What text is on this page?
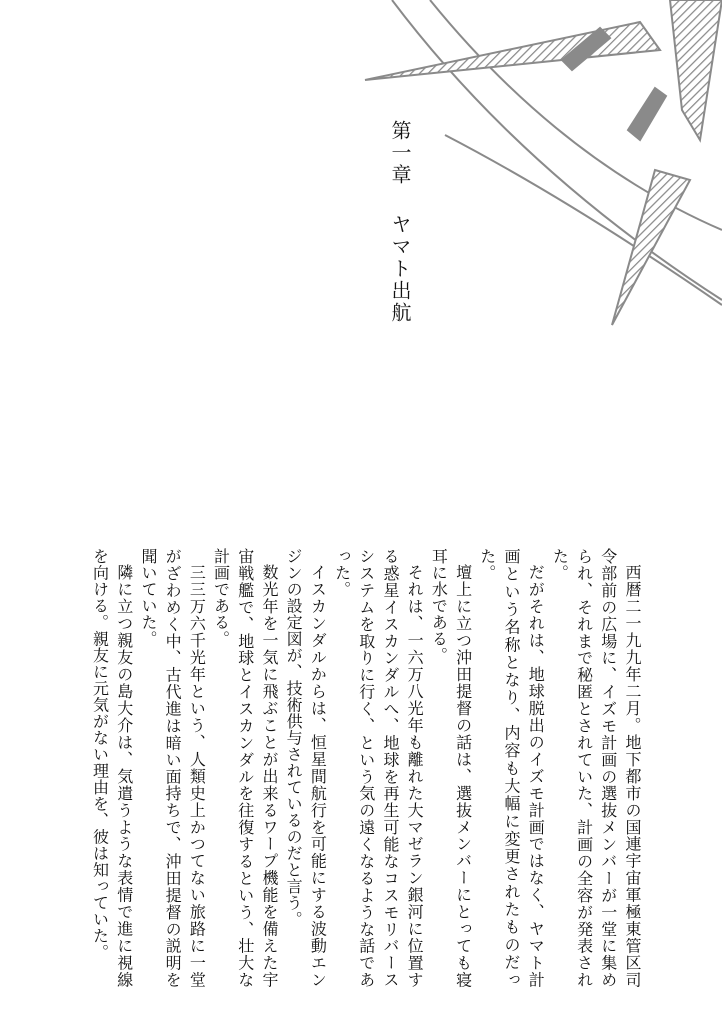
第一章ヤマト出航

西暦二一九九年二月。地下都市の国連宇宙軍極東管区司令部前の広場に、イズモ計画の選抜メンバーが一堂に集められ、それまで秘匿とされていた、計画の全容が発表された。

だがそれは、地球脱出のイズモ計画ではなく、ヤマト計画という名称となり、内容も大幅に変更されたものだった。

壇上に立つ沖田提督の話は、選抜メンバーにとっても寝耳に水である。

それは、一六万八光年も離れた大マゼラン銀河に位置する惑星イスカンダルへ、地球を再生可能なコスモリバースシステムを取りに行く、という気の遠くなるような話であった。

イスカンダルからは、恒星間航行を可能にする波動エンジンの設定図が、技術供与されているのだと言う。

数光年を一気に飛ぶことが出来るワープ機能を備えた宇宙戦艦で、地球とイスカンダルを往復するという、壮大な計画である。

三三万六千光年という、人類史上かつてない旅路に一堂がざわめく中、古代進は暗い面持ちで、沖田提督の説明を聞いていた。

隣に立つ親友の島大介は、気遣うような表情で進に視線を向ける。親友に元気がない理由を、彼は知っていた。
